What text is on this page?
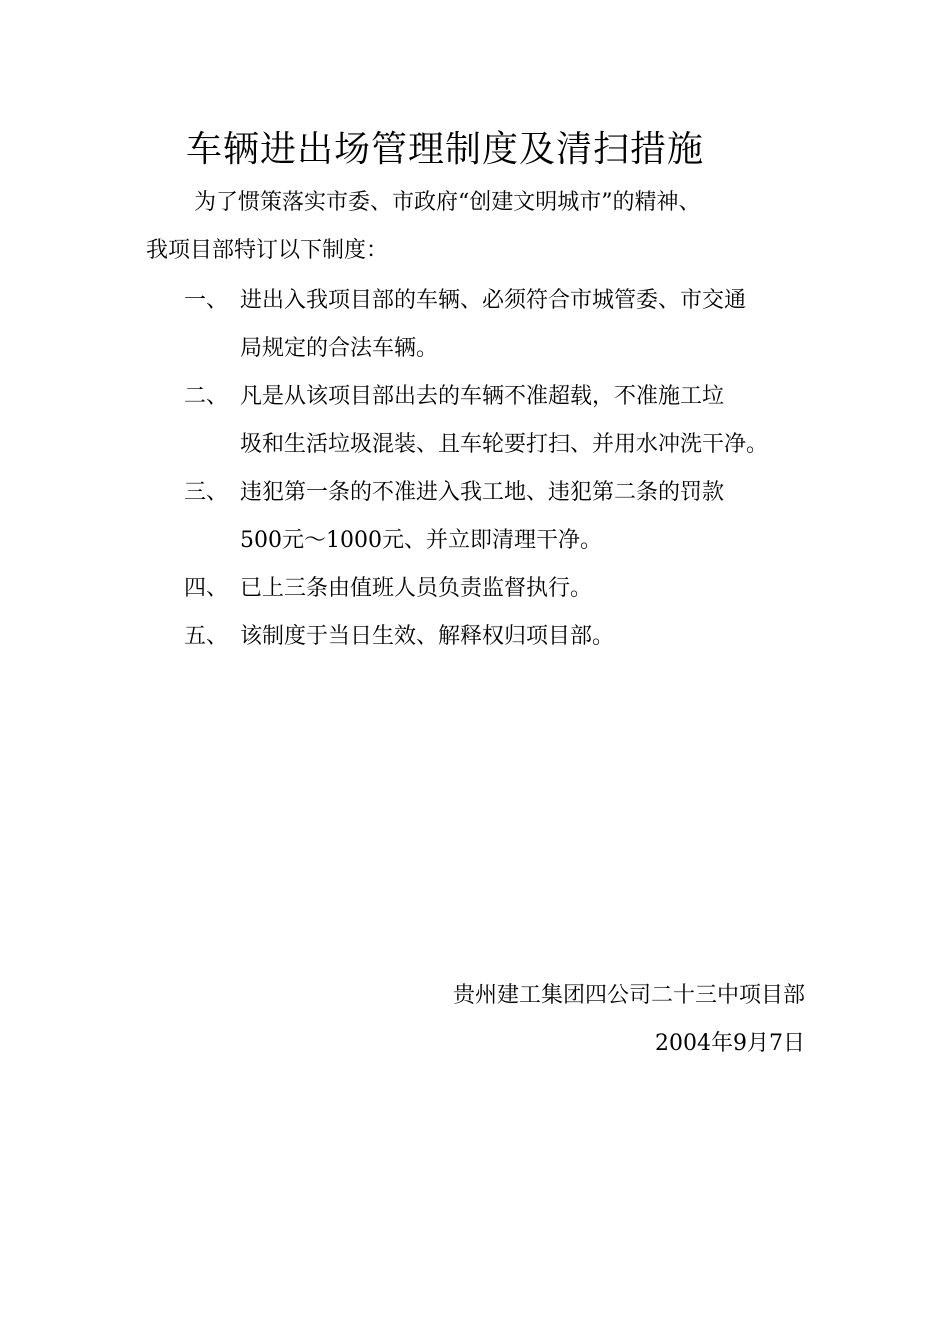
车辆进出场管理制度及清扫措施
为了惯策落实市委、市政府“创建文明城市”的精神、
我项目部特订以下制度：
一、 进出入我项目部的车辆、必须符合市城管委、市交通
局规定的合法车辆。
二、 凡是从该项目部出去的车辆不准超载，不准施工垃
圾和生活垃圾混装、且车轮要打扫、并用水冲洗干净。
三、 违犯第一条的不准进入我工地、违犯第二条的罚款
500元～1000元、并立即清理干净。
四、 已上三条由值班人员负责监督执行。
五、 该制度于当日生效、解释权归项目部。
贵州建工集团四公司二十三中项目部
2004年9月7日
